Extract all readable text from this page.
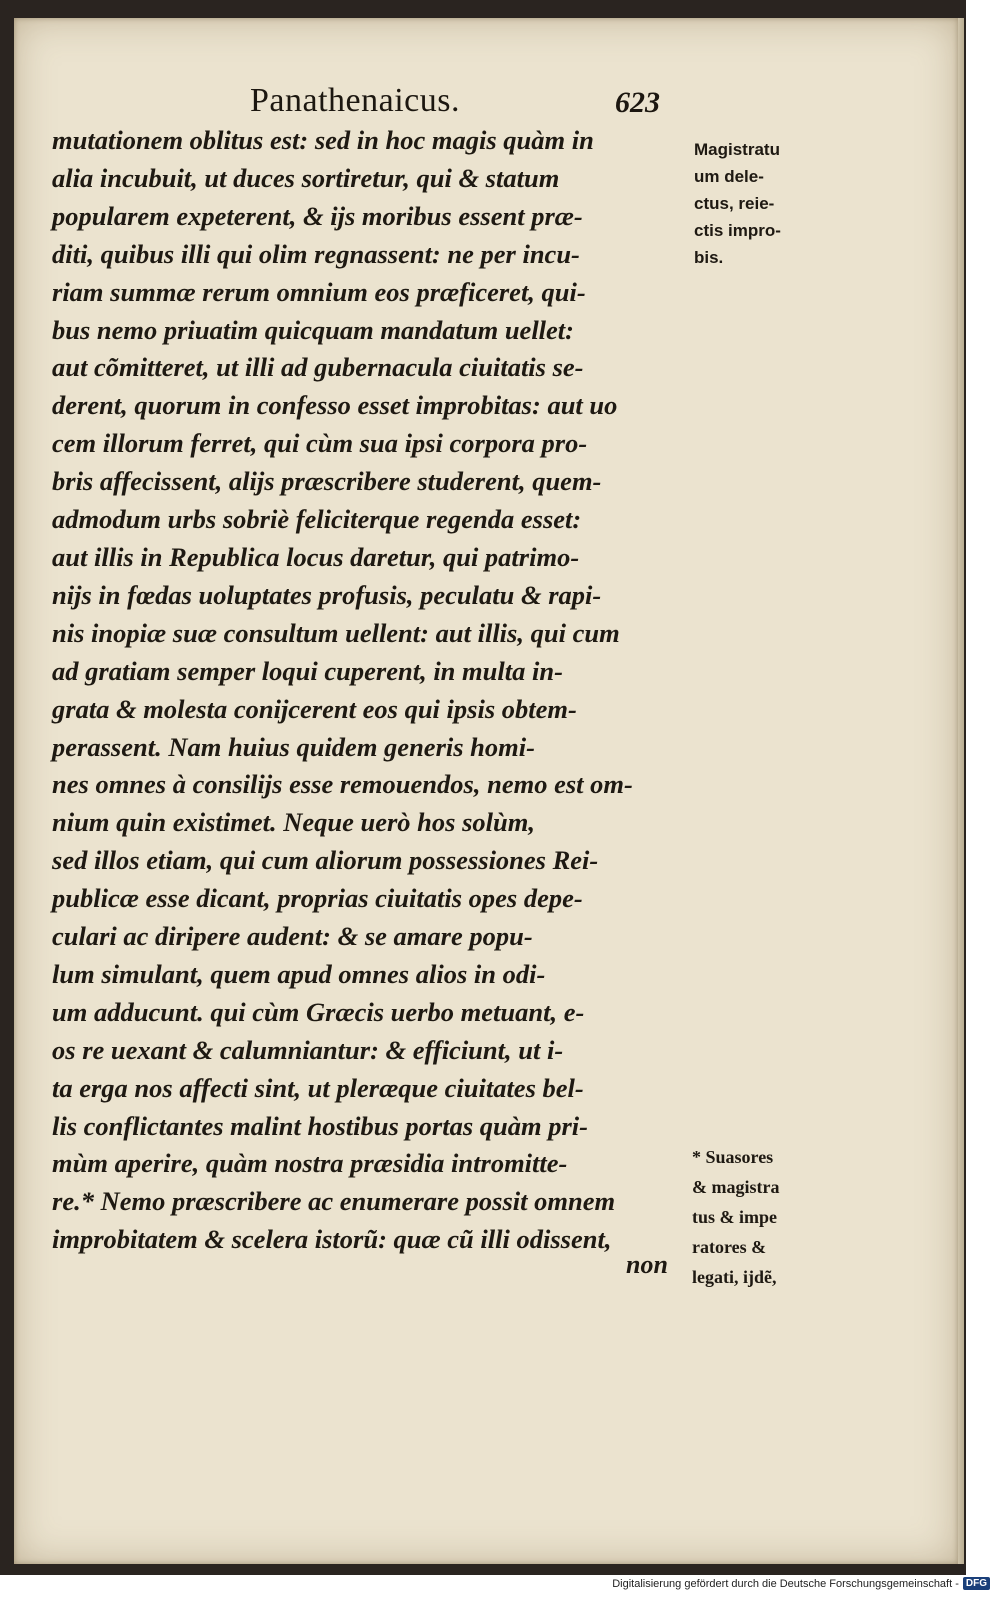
Panathenaicus.	623
mutationem oblitus est: sed in hoc magis quàm in
alia incubuit, ut duces sortiretur, qui & statum
popularem expeterent, & ijs moribus essent præ-
diti, quibus illi qui olim regnassent: ne per incu-
riam summæ rerum omnium eos præficeret, qui-
bus nemo priuatim quicquam mandatum uellet:
aut cõmitteret, ut illi ad gubernacula ciuitatis se-
derent, quorum in confesso esset improbitas: aut uo
cem illorum ferret, qui cùm sua ipsi corpora pro-
bris affecissent, alijs præscribere studerent, quem-
admodum urbs sobriè feliciterque regenda esset:
aut illis in Republica locus daretur, qui patrimo-
nijs in fœdas uoluptates profusis, peculatu & rapi-
nis inopiæ suæ consultum uellent: aut illis, qui cum
ad gratiam semper loqui cuperent, in multa in-
grata & molesta conijcerent eos qui ipsis obtem-
perassent. Nam huius quidem generis homi-
nes omnes à consilijs esse remouendos, nemo est om-
nium quin existimet. Neque uerò hos solùm,
sed illos etiam, qui cum aliorum possessiones Rei-
publicæ esse dicant, proprias ciuitatis opes depe-
culari ac diripere audent: & se amare popu-
lum simulant, quem apud omnes alios in odi-
um adducunt. qui cùm Græcis uerbo metuant, e-
os re uexant & calumniantur: & efficiunt, ut i-
ta erga nos affecti sint, ut pleræque ciuitates bel-
lis conflictantes malint hostibus portas quàm pri-
mùm aperire, quàm nostra præsidia intromitte-
re.* Nemo præscribere ac enumerare possit omnem
improbitatem & scelera istorũ: quæ cũ illi odissent,
Magistratu
um dele-
ctus, reie-
ctis impro-
bis.
* Suasores
& magistra
tus & impe
ratores &
legati, ijdẽ,
non
Digitalisierung gefördert durch die Deutsche Forschungsgemeinschaft - DFG
